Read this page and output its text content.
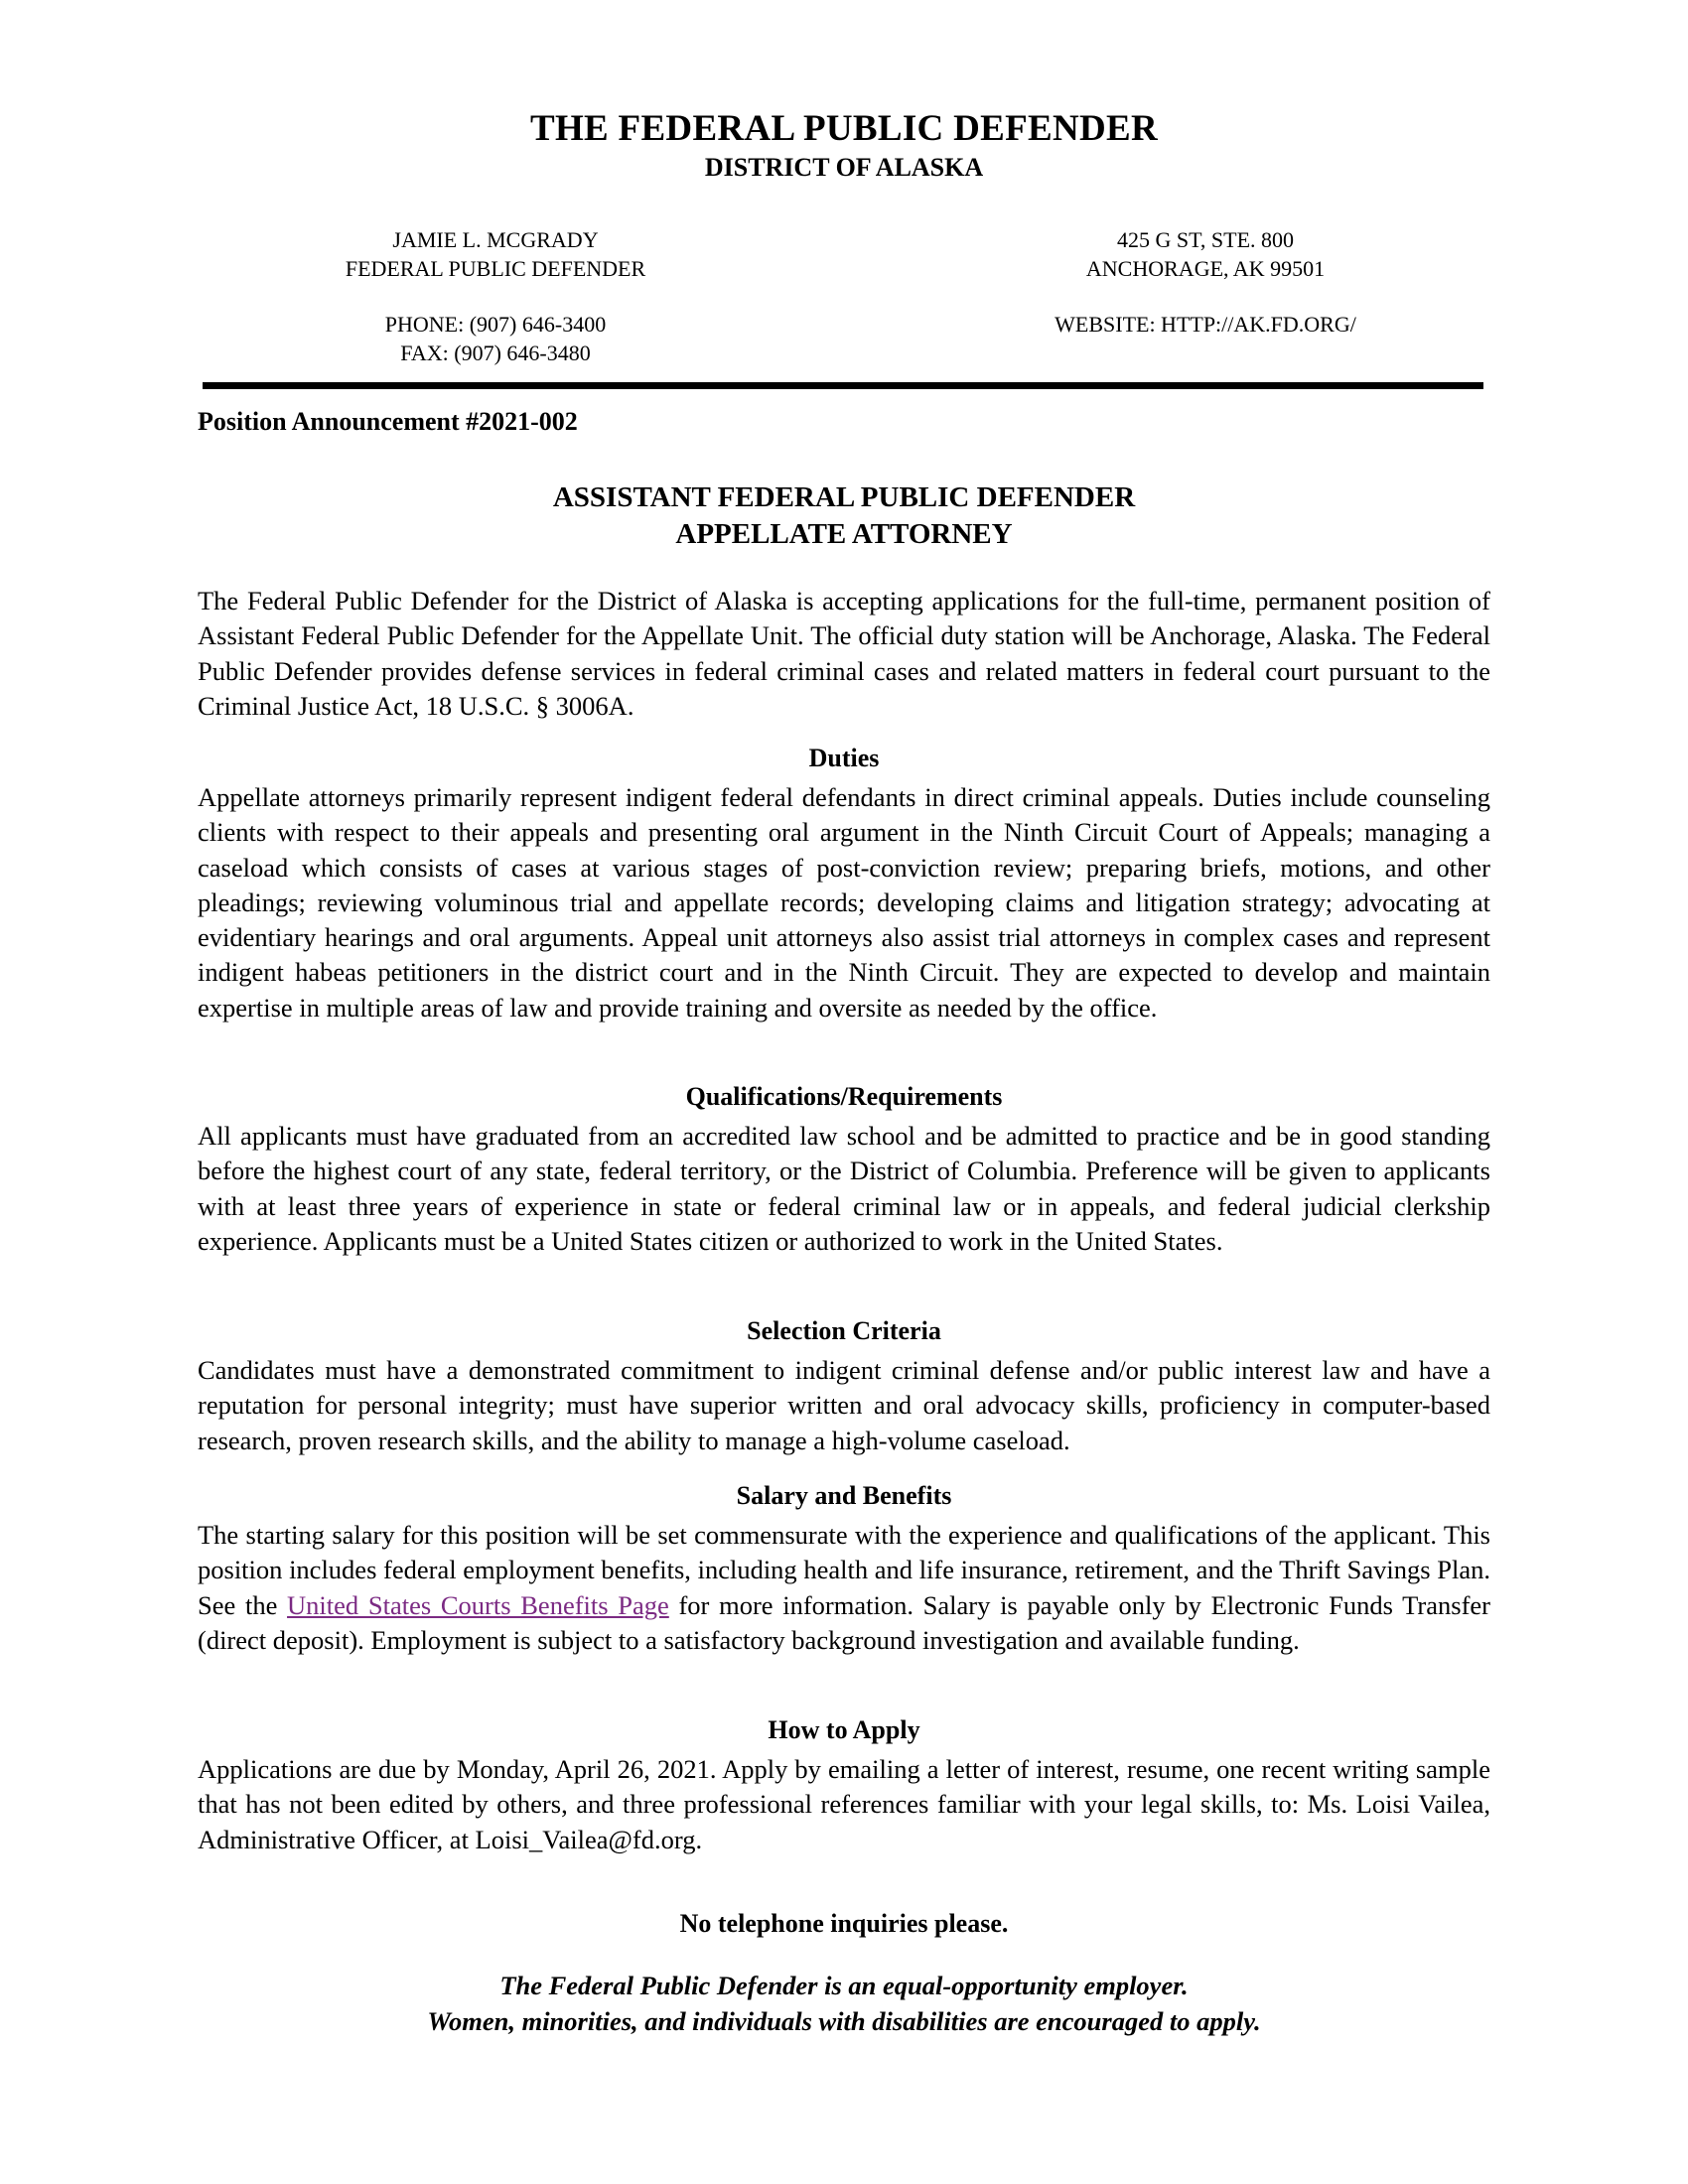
THE FEDERAL PUBLIC DEFENDER
DISTRICT OF ALASKA
JAMIE L. MCGRADY
FEDERAL PUBLIC DEFENDER
425 G ST, STE. 800
ANCHORAGE, AK 99501
PHONE: (907) 646-3400
FAX: (907) 646-3480
WEBSITE: HTTP://AK.FD.ORG/
Position Announcement #2021-002
ASSISTANT FEDERAL PUBLIC DEFENDER
APPELLATE ATTORNEY

The Federal Public Defender for the District of Alaska is accepting applications for the full-time, permanent position of Assistant Federal Public Defender for the Appellate Unit. The official duty station will be Anchorage, Alaska. The Federal Public Defender provides defense services in federal criminal cases and related matters in federal court pursuant to the Criminal Justice Act, 18 U.S.C. § 3006A.

Duties

Appellate attorneys primarily represent indigent federal defendants in direct criminal appeals. Duties include counseling clients with respect to their appeals and presenting oral argument in the Ninth Circuit Court of Appeals; managing a caseload which consists of cases at various stages of post-conviction review; preparing briefs, motions, and other pleadings; reviewing voluminous trial and appellate records; developing claims and litigation strategy; advocating at evidentiary hearings and oral arguments. Appeal unit attorneys also assist trial attorneys in complex cases and represent indigent habeas petitioners in the district court and in the Ninth Circuit. They are expected to develop and maintain expertise in multiple areas of law and provide training and oversite as needed by the office.

Qualifications/Requirements

All applicants must have graduated from an accredited law school and be admitted to practice and be in good standing before the highest court of any state, federal territory, or the District of Columbia. Preference will be given to applicants with at least three years of experience in state or federal criminal law or in appeals, and federal judicial clerkship experience. Applicants must be a United States citizen or authorized to work in the United States.

Selection Criteria

Candidates must have a demonstrated commitment to indigent criminal defense and/or public interest law and have a reputation for personal integrity; must have superior written and oral advocacy skills, proficiency in computer-based research, proven research skills, and the ability to manage a high-volume caseload.

Salary and Benefits

The starting salary for this position will be set commensurate with the experience and qualifications of the applicant. This position includes federal employment benefits, including health and life insurance, retirement, and the Thrift Savings Plan. See the United States Courts Benefits Page for more information. Salary is payable only by Electronic Funds Transfer (direct deposit). Employment is subject to a satisfactory background investigation and available funding.

How to Apply

Applications are due by Monday, April 26, 2021. Apply by emailing a letter of interest, resume, one recent writing sample that has not been edited by others, and three professional references familiar with your legal skills, to: Ms. Loisi Vailea, Administrative Officer, at Loisi_Vailea@fd.org.

No telephone inquiries please.
The Federal Public Defender is an equal-opportunity employer.
Women, minorities, and individuals with disabilities are encouraged to apply.
